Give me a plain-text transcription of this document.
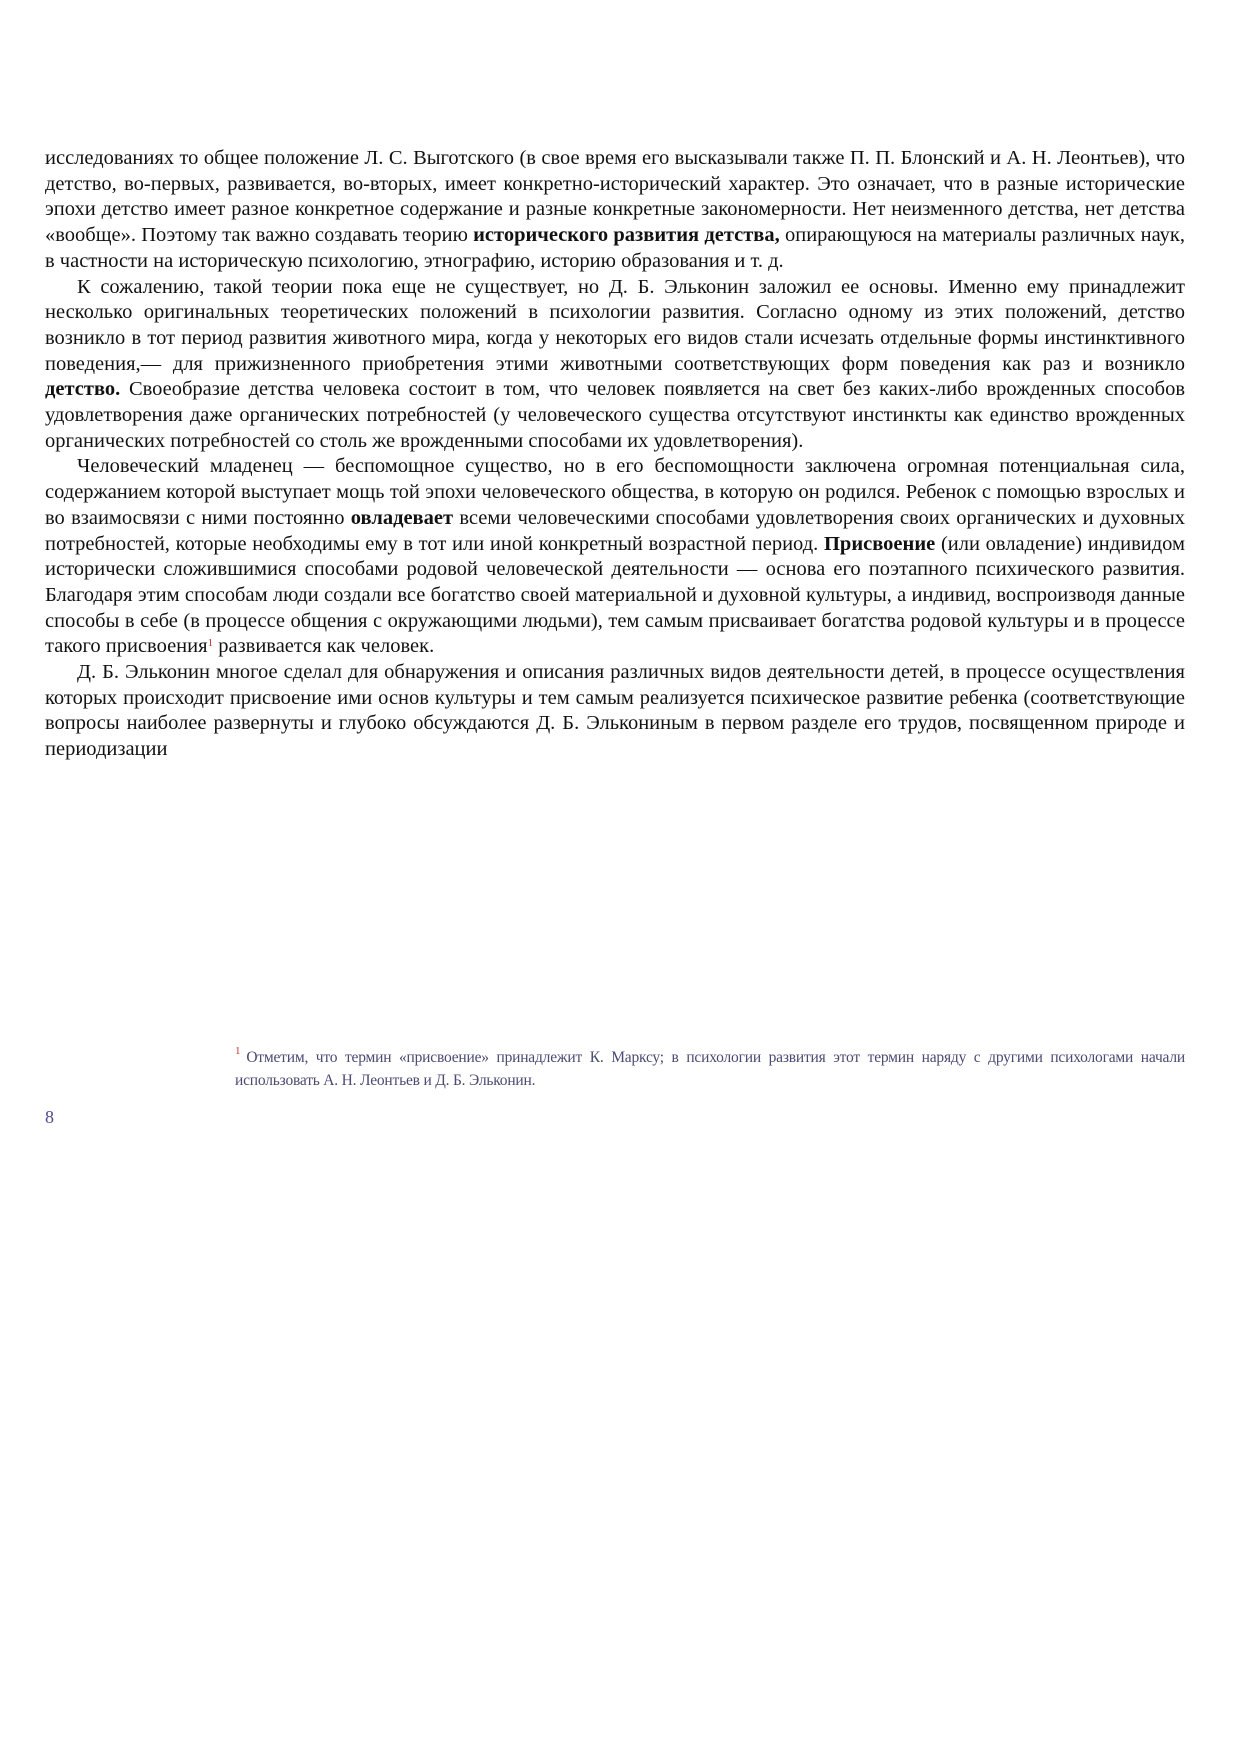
исследованиях то общее положение Л. С. Выготского (в свое время его высказывали также П. П. Блонский и А. Н. Леонтьев), что детство, во-первых, развивается, во-вторых, имеет конкретно-исторический характер. Это означает, что в разные исторические эпохи детство имеет разное конкретное содержание и разные конкретные закономерности. Нет неизменного детства, нет детства «вообще». Поэтому так важно создавать теорию исторического развития детства, опирающуюся на материалы различных наук, в частности на историческую психологию, этнографию, историю образования и т. д.

К сожалению, такой теории пока еще не существует, но Д. Б. Эльконин заложил ее основы. Именно ему принадлежит несколько оригинальных теоретических положений в психологии развития. Согласно одному из этих положений, детство возникло в тот период развития животного мира, когда у некоторых его видов стали исчезать отдельные формы инстинктивного поведения,— для прижизненного приобретения этими животными соответствующих форм поведения как раз и возникло детство. Своеобразие детства человека состоит в том, что человек появляется на свет без каких-либо врожденных способов удовлетворения даже органических потребностей (у человеческого существа отсутствуют инстинкты как единство врожденных органических потребностей со столь же врожденными способами их удовлетворения).

Человеческий младенец — беспомощное существо, но в его беспомощности заключена огромная потенциальная сила, содержанием которой выступает мощь той эпохи человеческого общества, в которую он родился. Ребенок с помощью взрослых и во взаимосвязи с ними постоянно овладевает всеми человеческими способами удовлетворения своих органических и духовных потребностей, которые необходимы ему в тот или иной конкретный возрастной период. Присвоение (или овладение) индивидом исторически сложившимися способами родовой человеческой деятельности — основа его поэтапного психического развития. Благодаря этим способам люди создали все богатство своей материальной и духовной культуры, а индивид, воспроизводя данные способы в себе (в процессе общения с окружающими людьми), тем самым присваивает богатства родовой культуры и в процессе такого присвоения$^1$ развивается как человек.

Д. Б. Эльконин многое сделал для обнаружения и описания различных видов деятельности детей, в процессе осуществления которых происходит присвоение ими основ культуры и тем самым реализуется психическое развитие ребенка (соответствующие вопросы наиболее развернуты и глубоко обсуждаются Д. Б. Элькониным в первом разделе его трудов, посвященном природе и периодизации

$^1$ Отметим, что термин «присвоение» принадлежит К. Марксу; в психологии развития этот термин наряду с другими психологами начали использовать А. Н. Леонтьев и Д. Б. Эльконин.
8
